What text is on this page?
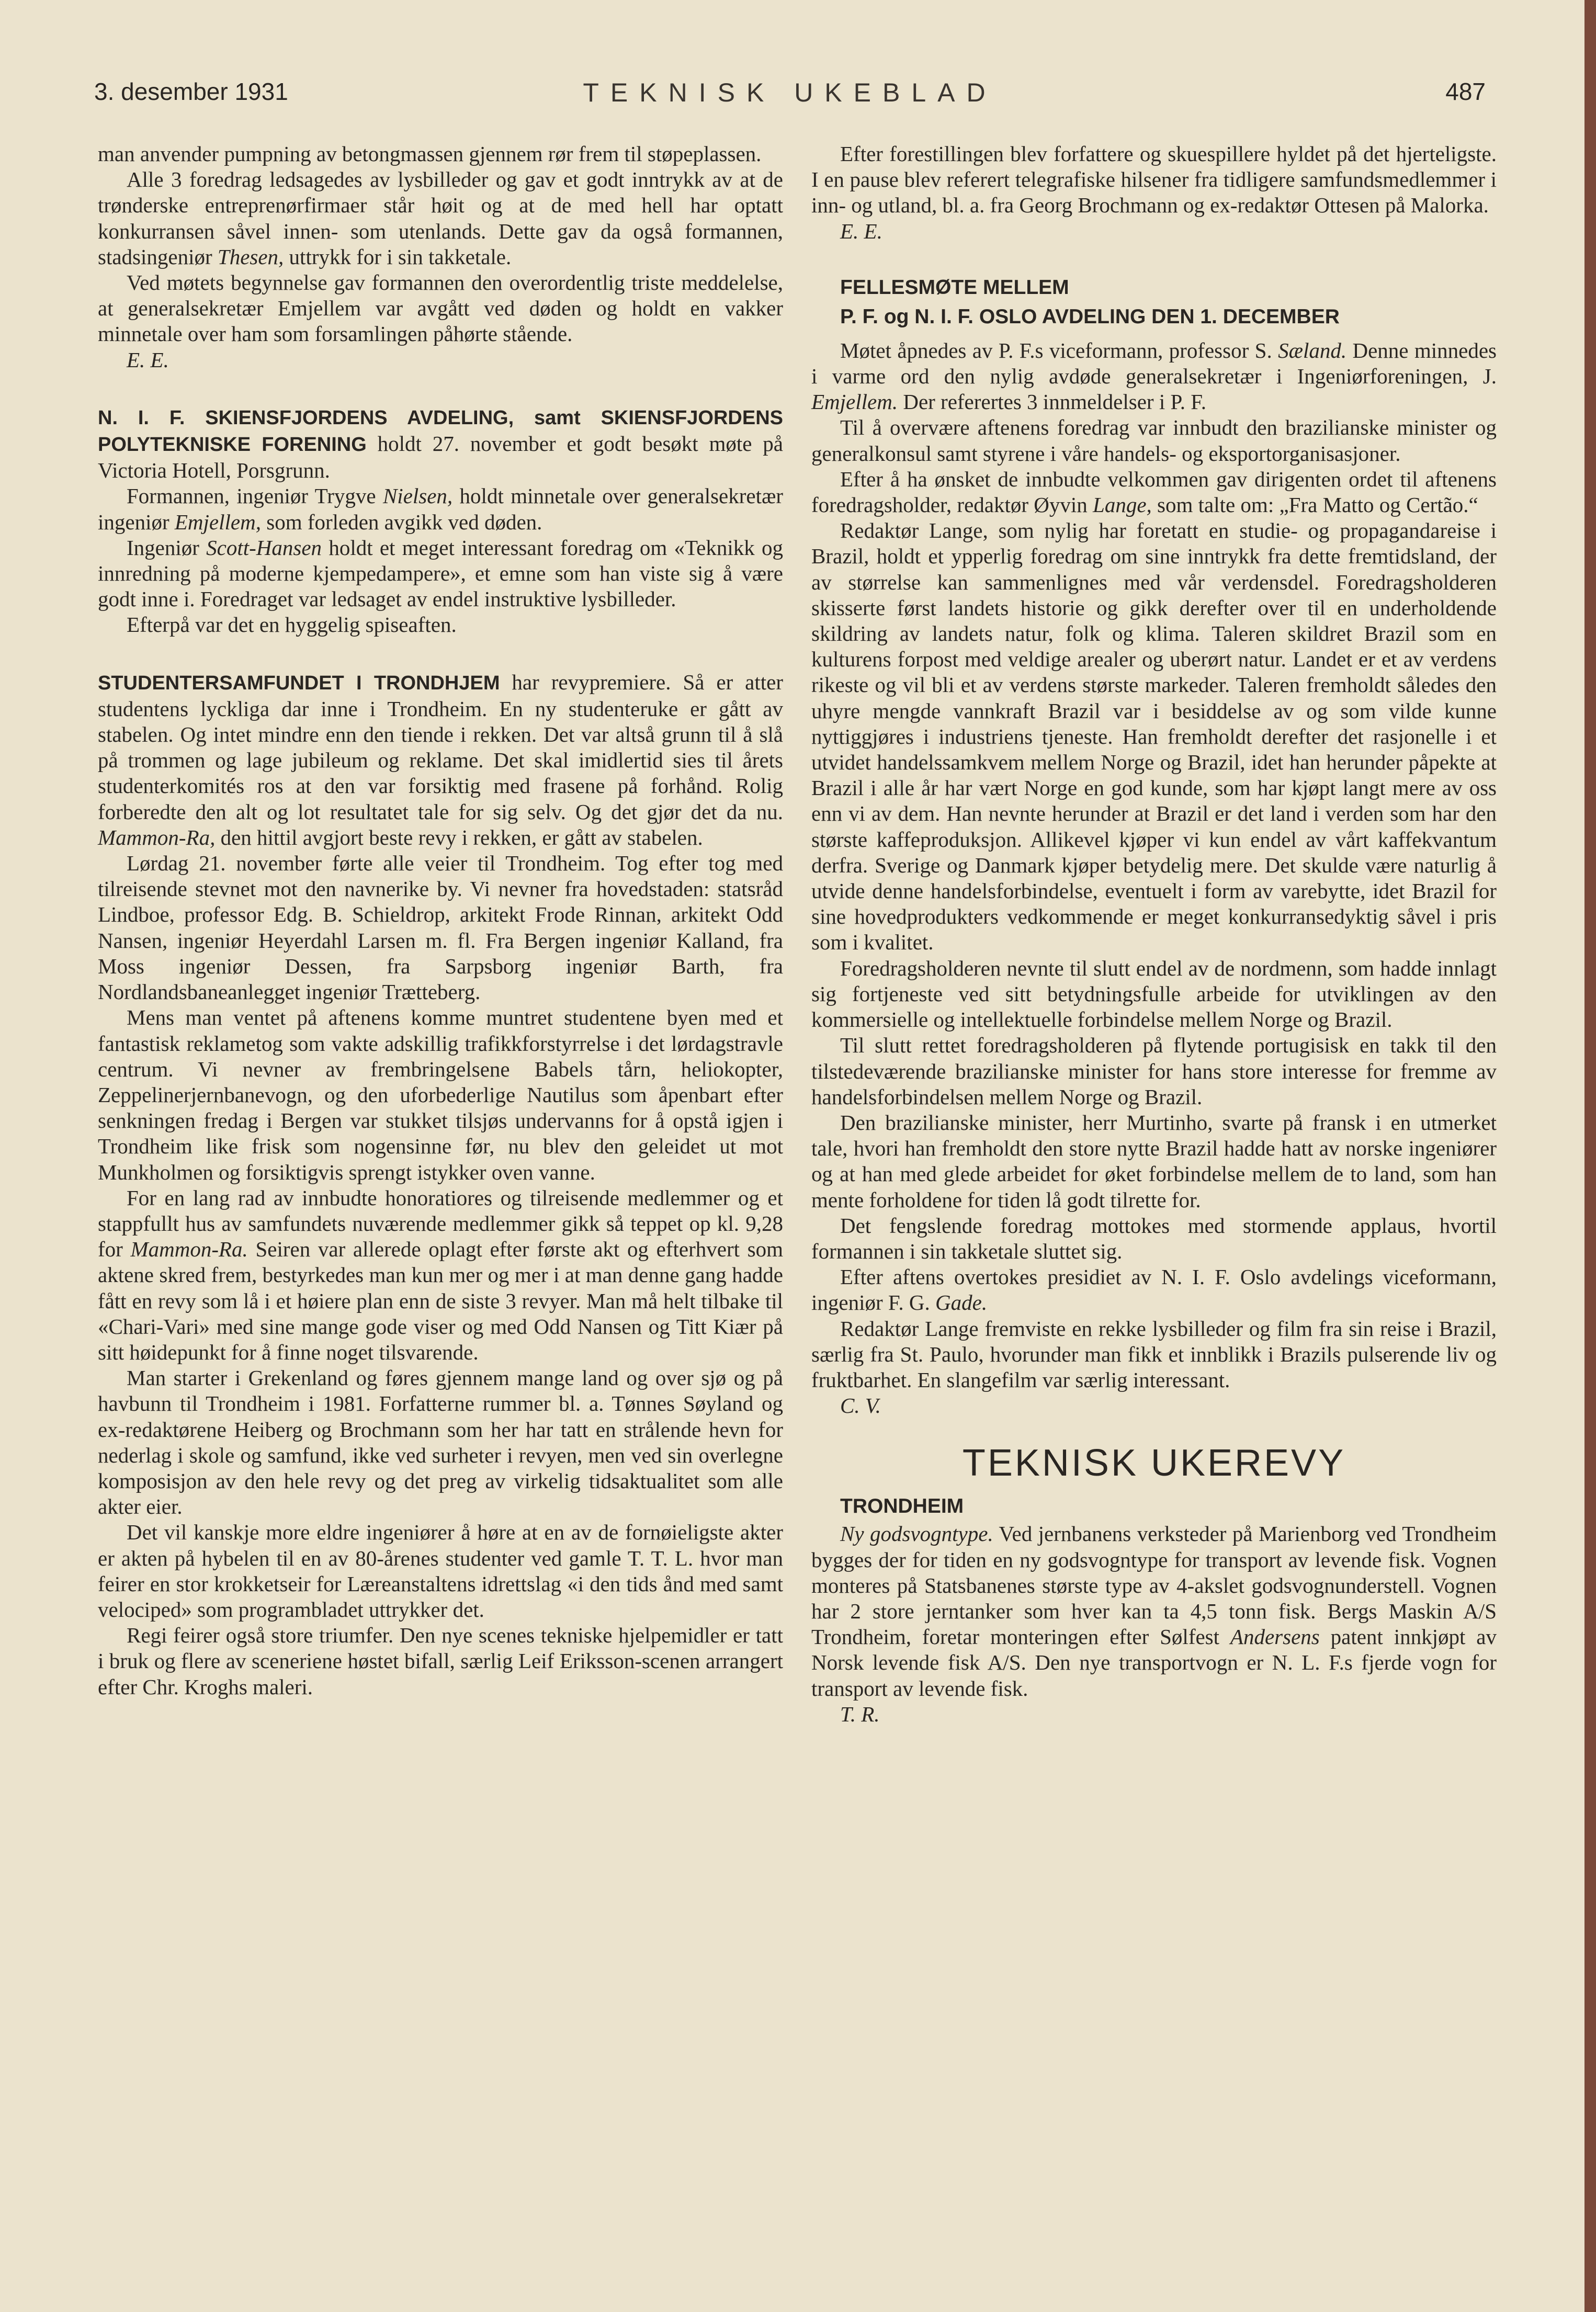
3. desember 1931	TEKNISK UKEBLAD	487

man anvender pumpning av betongmassen gjennem rør frem til støpeplassen.

Alle 3 foredrag ledsagedes av lysbilleder og gav et godt inntrykk av at de trønderske entreprenørfirmaer står høit og at de med hell har optatt konkurransen såvel innen- som utenlands. Dette gav da også formannen, stadsingeniør Thesen, uttrykk for i sin takketale.

Ved møtets begynnelse gav formannen den overordentlig triste meddelelse, at generalsekretær Emjellem var avgått ved døden og holdt en vakker minnetale over ham som forsamlingen påhørte stående.

E. E.

N. I. F. SKIENSFJORDENS AVDELING, samt SKIENSFJORDENS POLYTEKNISKE FORENING holdt 27. november et godt besøkt møte på Victoria Hotell, Porsgrunn.

Formannen, ingeniør Trygve Nielsen, holdt minnetale over generalsekretær ingeniør Emjellem, som forleden avgikk ved døden.

Ingeniør Scott-Hansen holdt et meget interessant foredrag om «Teknikk og innredning på moderne kjempedampere», et emne som han viste sig å være godt inne i. Foredraget var ledsaget av endel instruktive lysbilleder.

Efterpå var det en hyggelig spiseaften.

STUDENTERSAMFUNDET I TRONDHJEM har revypremiere. Så er atter studentens lyckliga dar inne i Trondheim. En ny studenteruke er gått av stabelen. Og intet mindre enn den tiende i rekken. Det var altså grunn til å slå på trommen og lage jubileum og reklame. Det skal imidlertid sies til årets studenterkomités ros at den var forsiktig med frasene på forhånd. Rolig forberedte den alt og lot resultatet tale for sig selv. Og det gjør det da nu. Mammon-Ra, den hittil avgjort beste revy i rekken, er gått av stabelen.

Lørdag 21. november førte alle veier til Trondheim. Tog efter tog med tilreisende stevnet mot den navnerike by. Vi nevner fra hovedstaden: statsråd Lindboe, professor Edg. B. Schieldrop, arkitekt Frode Rinnan, arkitekt Odd Nansen, ingeniør Heyerdahl Larsen m. fl. Fra Bergen ingeniør Kalland, fra Moss ingeniør Dessen, fra Sarpsborg ingeniør Barth, fra Nordlandsbaneanlegget ingeniør Trætteberg.

Mens man ventet på aftenens komme muntret studentene byen med et fantastisk reklametog som vakte adskillig trafikkforstyrrelse i det lørdagstravle centrum. Vi nevner av frembringelsene Babels tårn, heliokopter, Zeppelinerjernbanevogn, og den uforbederlige Nautilus som åpenbart efter senkningen fredag i Bergen var stukket tilsjøs undervanns for å opstå igjen i Trondheim like frisk som nogensinne før, nu blev den geleidet ut mot Munkholmen og forsiktigvis sprengt istykker oven vanne.

For en lang rad av innbudte honoratiores og tilreisende medlemmer og et stappfullt hus av samfundets nuværende medlemmer gikk så teppet op kl. 9,28 for Mammon-Ra. Seiren var allerede oplagt efter første akt og efterhvert som aktene skred frem, bestyrkedes man kun mer og mer i at man denne gang hadde fått en revy som lå i et høiere plan enn de siste 3 revyer. Man må helt tilbake til «Chari-Vari» med sine mange gode viser og med Odd Nansen og Titt Kiær på sitt høidepunkt for å finne noget tilsvarende.

Man starter i Grekenland og føres gjennem mange land og over sjø og på havbunn til Trondheim i 1981. Forfatterne rummer bl. a. Tønnes Søyland og ex-redaktørene Heiberg og Brochmann som her har tatt en strålende hevn for nederlag i skole og samfund, ikke ved surheter i revyen, men ved sin overlegne komposisjon av den hele revy og det preg av virkelig tidsaktualitet som alle akter eier.

Det vil kanskje more eldre ingeniører å høre at en av de fornøieligste akter er akten på hybelen til en av 80-årenes studenter ved gamle T. T. L. hvor man feirer en stor krokketseir for Læreanstaltens idrettslag «i den tids ånd med samt velociped» som programbladet uttrykker det.

Regi feirer også store triumfer. Den nye scenes tekniske hjelpemidler er tatt i bruk og flere av sceneriene høstet bifall, særlig Leif Eriksson-scenen arrangert efter Chr. Kroghs maleri.

Efter forestillingen blev forfattere og skuespillere hyldet på det hjerteligste. I en pause blev referert telegrafiske hilsener fra tidligere samfundsmedlemmer i inn- og utland, bl. a. fra Georg Brochmann og ex-redaktør Ottesen på Malorka.

E. E.

FELLESMØTE MELLEM

P. F. og N. I. F. OSLO AVDELING DEN 1. DECEMBER

Møtet åpnedes av P. F.s viceformann, professor S. Sæland. Denne minnedes i varme ord den nylig avdøde generalsekretær i Ingeniørforeningen, J. Emjellem. Der referertes 3 innmeldelser i P. F.

Til å overvære aftenens foredrag var innbudt den brazilianske minister og generalkonsul samt styrene i våre handels- og eksportorganisasjoner.

Efter å ha ønsket de innbudte velkommen gav dirigenten ordet til aftenens foredragsholder, redaktør Øyvin Lange, som talte om: „Fra Matto og Certão.“

Redaktør Lange, som nylig har foretatt en studie- og propagandareise i Brazil, holdt et ypperlig foredrag om sine inntrykk fra dette fremtidsland, der av størrelse kan sammenlignes med vår verdensdel. Foredragsholderen skisserte først landets historie og gikk derefter over til en underholdende skildring av landets natur, folk og klima. Taleren skildret Brazil som en kulturens forpost med veldige arealer og uberørt natur. Landet er et av verdens rikeste og vil bli et av verdens største markeder. Taleren fremholdt således den uhyre mengde vannkraft Brazil var i besiddelse av og som vilde kunne nyttiggjøres i industriens tjeneste. Han fremholdt derefter det rasjonelle i et utvidet handelssamkvem mellem Norge og Brazil, idet han herunder påpekte at Brazil i alle år har vært Norge en god kunde, som har kjøpt langt mere av oss enn vi av dem. Han nevnte herunder at Brazil er det land i verden som har den største kaffeproduksjon. Allikevel kjøper vi kun endel av vårt kaffekvantum derfra. Sverige og Danmark kjøper betydelig mere. Det skulde være naturlig å utvide denne handelsforbindelse, eventuelt i form av varebytte, idet Brazil for sine hovedprodukters vedkommende er meget konkurransedyktig såvel i pris som i kvalitet.

Foredragsholderen nevnte til slutt endel av de nordmenn, som hadde innlagt sig fortjeneste ved sitt betydningsfulle arbeide for utviklingen av den kommersielle og intellektuelle forbindelse mellem Norge og Brazil.

Til slutt rettet foredragsholderen på flytende portugisisk en takk til den tilstedeværende brazilianske minister for hans store interesse for fremme av handelsforbindelsen mellem Norge og Brazil.

Den brazilianske minister, herr Murtinho, svarte på fransk i en utmerket tale, hvori han fremholdt den store nytte Brazil hadde hatt av norske ingeniører og at han med glede arbeidet for øket forbindelse mellem de to land, som han mente forholdene for tiden lå godt tilrette for.

Det fengslende foredrag mottokes med stormende applaus, hvortil formannen i sin takketale sluttet sig.

Efter aftens overtokes presidiet av N. I. F. Oslo avdelings viceformann, ingeniør F. G. Gade.

Redaktør Lange fremviste en rekke lysbilleder og film fra sin reise i Brazil, særlig fra St. Paulo, hvorunder man fikk et innblikk i Brazils pulserende liv og fruktbarhet. En slangefilm var særlig interessant.

C. V.

TEKNISK UKEREVY

TRONDHEIM

Ny godsvogntype. Ved jernbanens verksteder på Marienborg ved Trondheim bygges der for tiden en ny godsvogntype for transport av levende fisk. Vognen monteres på Statsbanenes største type av 4-akslet godsvognunderstell. Vognen har 2 store jerntanker som hver kan ta 4,5 tonn fisk. Bergs Maskin A/S Trondheim, foretar monteringen efter Sølfest Andersens patent innkjøpt av Norsk levende fisk A/S. Den nye transportvogn er N. L. F.s fjerde vogn for transport av levende fisk.

T. R.
